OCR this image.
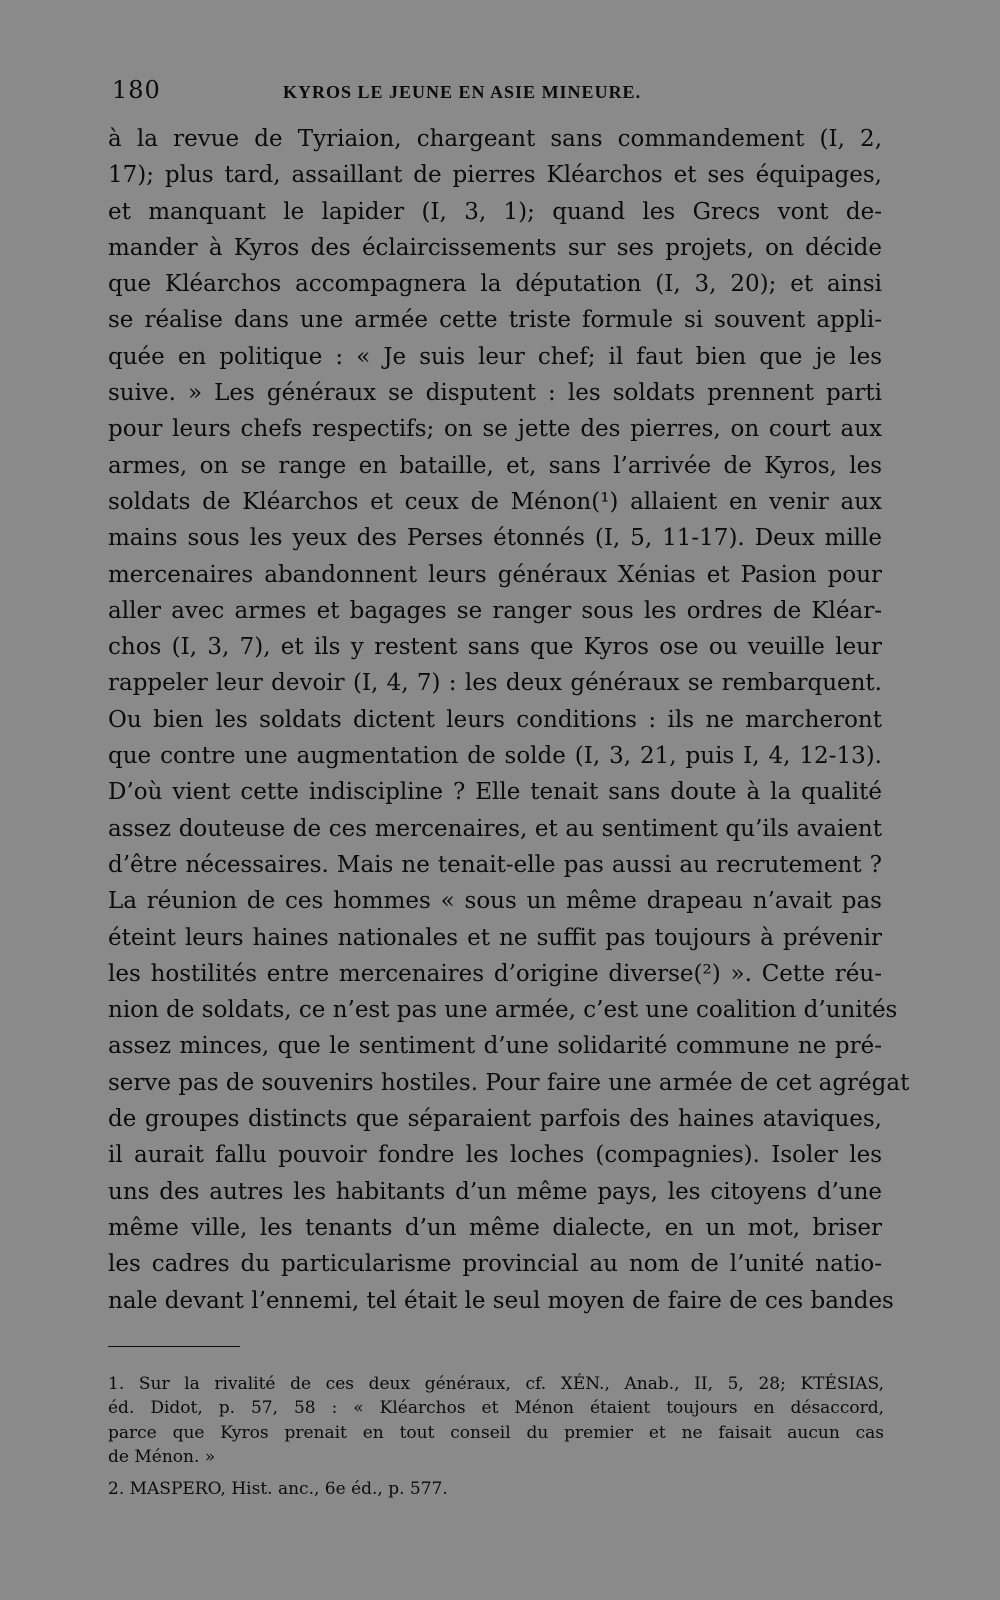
180	KYROS LE JEUNE EN ASIE MINEURE.
à la revue de Tyriaion, chargeant sans commandement (I, 2,
17); plus tard, assaillant de pierres Kléarchos et ses équipages,
et manquant le lapider (I, 3, 1); quand les Grecs vont de-
mander à Kyros des éclaircissements sur ses projets, on décide
que Kléarchos accompagnera la députation (I, 3, 20); et ainsi
se réalise dans une armée cette triste formule si souvent appli-
quée en politique : « Je suis leur chef; il faut bien que je les
suive. » Les généraux se disputent : les soldats prennent parti
pour leurs chefs respectifs; on se jette des pierres, on court aux
armes, on se range en bataille, et, sans l’arrivée de Kyros, les
soldats de Kléarchos et ceux de Ménon(¹) allaient en venir aux
mains sous les yeux des Perses étonnés (I, 5, 11-17). Deux mille
mercenaires abandonnent leurs généraux Xénias et Pasion pour
aller avec armes et bagages se ranger sous les ordres de Kléar-
chos (I, 3, 7), et ils y restent sans que Kyros ose ou veuille leur
rappeler leur devoir (I, 4, 7) : les deux généraux se rembarquent.
Ou bien les soldats dictent leurs conditions : ils ne marcheront
que contre une augmentation de solde (I, 3, 21, puis I, 4, 12-13).
D’où vient cette indiscipline ? Elle tenait sans doute à la qualité
assez douteuse de ces mercenaires, et au sentiment qu’ils avaient
d’être nécessaires. Mais ne tenait-elle pas aussi au recrutement ?
La réunion de ces hommes « sous un même drapeau n’avait pas
éteint leurs haines nationales et ne suffit pas toujours à prévenir
les hostilités entre mercenaires d’origine diverse(²) ». Cette réu-
nion de soldats, ce n’est pas une armée, c’est une coalition d’unités
assez minces, que le sentiment d’une solidarité commune ne pré-
serve pas de souvenirs hostiles. Pour faire une armée de cet agrégat
de groupes distincts que séparaient parfois des haines ataviques,
il aurait fallu pouvoir fondre les loches (compagnies). Isoler les
uns des autres les habitants d’un même pays, les citoyens d’une
même ville, les tenants d’un même dialecte, en un mot, briser
les cadres du particularisme provincial au nom de l’unité natio-
nale devant l’ennemi, tel était le seul moyen de faire de ces bandes
1. Sur la rivalité de ces deux généraux, cf. XÉN., Anab., II, 5, 28; KTÉSIAS,
éd. Didot, p. 57, 58 : « Kléarchos et Ménon étaient toujours en désaccord,
parce que Kyros prenait en tout conseil du premier et ne faisait aucun cas
de Ménon. »
2. MASPERO, Hist. anc., 6e éd., p. 577.
